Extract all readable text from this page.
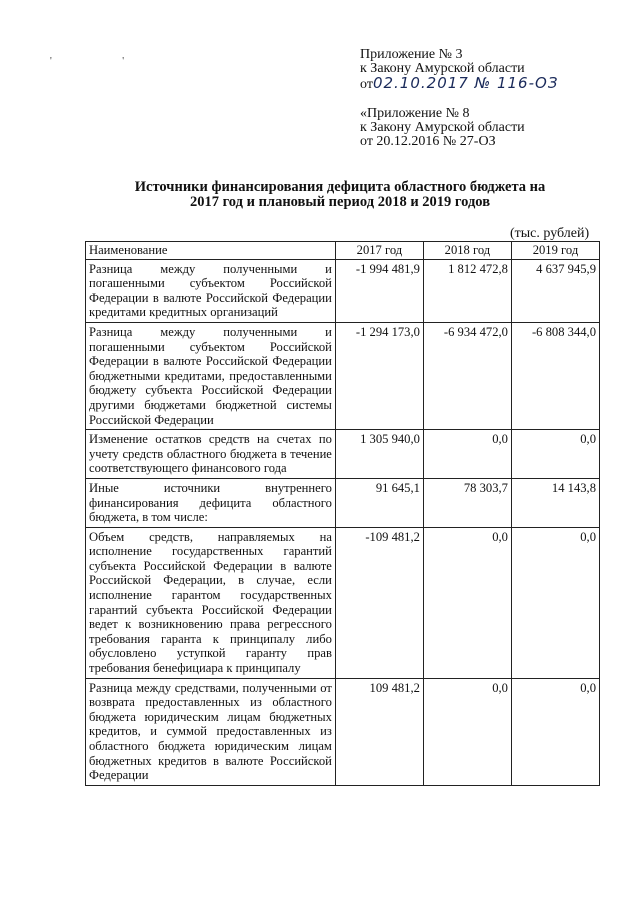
' '	Приложение № 3
к Закону Амурской области
от02.10.2017 № 116-ОЗ
«Приложение № 8
к Закону Амурской области
от 20.12.2016 № 27-ОЗ
Источники финансирования дефицита областного бюджета на 2017 год и плановый период 2018 и 2019 годов
(тыс. рублей)
Наименование	2017 год	2018 год	2019 год
Разница между полученными и погашенными субъектом Российской Федерации в валюте Российской Федерации кредитами кредитных организаций	-1 994 481,9	1 812 472,8	4 637 945,9
Разница между полученными и погашенными субъектом Российской Федерации в валюте Российской Федерации бюджетными кредитами, предоставленными бюджету субъекта Российской Федерации другими бюджетами бюджетной системы Российской Федерации	-1 294 173,0	-6 934 472,0	-6 808 344,0
Изменение остатков средств на счетах по учету средств областного бюджета в течение соответствующего финансового года	1 305 940,0	0,0	0,0
Иные источники внутреннего финансирования дефицита областного бюджета, в том числе:	91 645,1	78 303,7	14 143,8
Объем средств, направляемых на исполнение государственных гарантий субъекта Российской Федерации в валюте Российской Федерации, в случае, если исполнение гарантом государственных гарантий субъекта Российской Федерации ведет к возникновению права регрессного требования гаранта к принципалу либо обусловлено уступкой гаранту прав требования бенефициара к принципалу	-109 481,2	0,0	0,0
Разница между средствами, полученными от возврата предоставленных из областного бюджета юридическим лицам бюджетных кредитов, и суммой предоставленных из областного бюджета юридическим лицам бюджетных кредитов в валюте Российской Федерации	109 481,2	0,0	0,0
